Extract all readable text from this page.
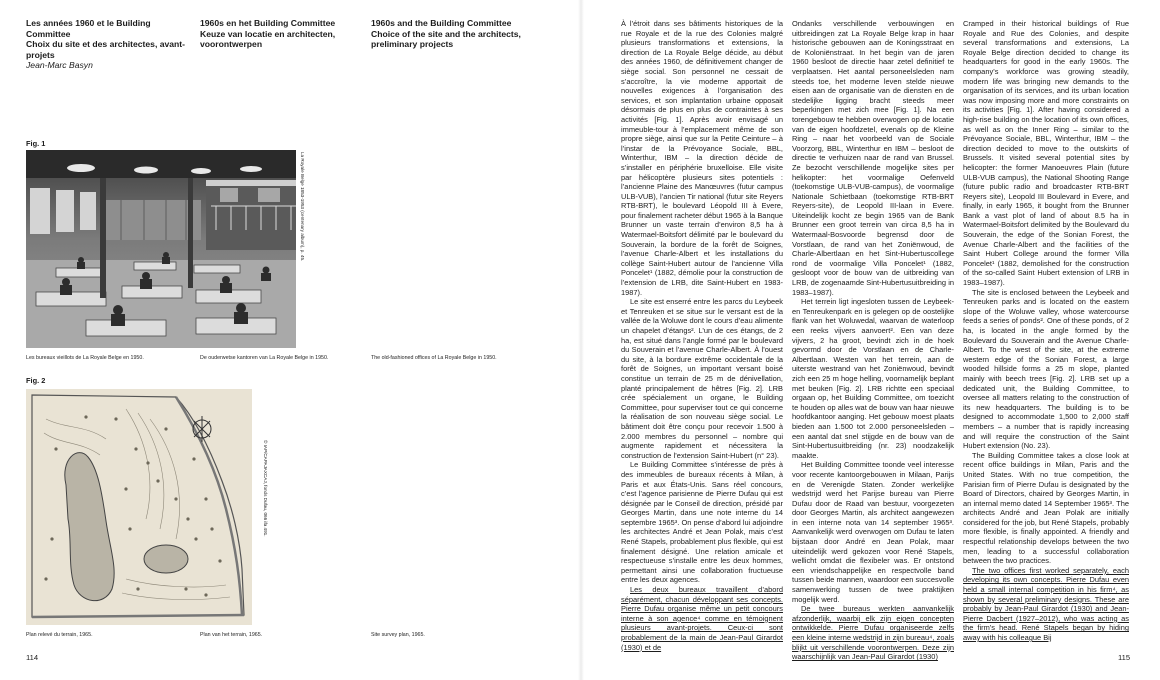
Les années 1960 et le Building Committee
Choix du site et des architectes, avant-projets
Jean-Marc Basyn
1960s en het Building Committee
Keuze van locatie en architecten, voorontwerpen
1960s and the Building Committee
Choice of the site and the architects, preliminary projects
Fig. 1
La Royale Belge 1853-1953 (centenary album), p. 45.
Les bureaux vieillots de La Royale Belge en 1950.	De ouderwetse kantoren van La Royale Belge in 1950.	The old-fashioned offices of La Royale Belge in 1950.
Fig. 2
© IAP/CAPAJAXCAJ, fonds Dufau, 066 ifa 491.
Plan relevé du terrain, 1965.	Plan van het terrain, 1965.	Site survey plan, 1965.
114

À l’étroit dans ses bâtiments historiques de la rue Royale et de la rue des Colonies malgré plusieurs transformations et extensions, la direction de La Royale Belge décide, au début des années 1960, de définitivement changer de siège social. Son personnel ne cessait de s’accroître, la vie moderne apportait de nouvelles exigences à l’organisation des services, et son implantation urbaine opposait désormais de plus en plus de contraintes à ses activités [Fig. 1]. Après avoir envisagé un immeuble-tour à l’emplacement même de son propre siège, ainsi que sur la Petite Ceinture – à l’instar de la Prévoyance Sociale, BBL, Winterthur, IBM – la direction décide de s’installer en périphérie bruxelloise. Elle visite par hélicoptère plusieurs sites potentiels : l’ancienne Plaine des Manœuvres (futur campus ULB-VUB), l’ancien Tir national (futur site Reyers RTB-BRT), le boulevard Léopold III à Evere, pour finalement racheter début 1965 à la Banque Brunner un vaste terrain d’environ 8,5 ha à Watermael-Boitsfort délimité par le boulevard du Souverain, la bordure de la forêt de Soignes, l’avenue Charle-Albert et les installations du collège Saint-Hubert autour de l’ancienne Villa Poncelet¹ (1882, démolie pour la construction de l’extension de LRB, dite Saint-Hubert en 1983-1987).

Le site est enserré entre les parcs du Leybeek et Tenreuken et se situe sur le versant est de la vallée de la Woluwe dont le cours d’eau alimente un chapelet d’étangs². L’un de ces étangs, de 2 ha, est situé dans l’angle formé par le boulevard du Souverain et l’avenue Charle-Albert. À l’ouest du site, à la bordure extrême occidentale de la forêt de Soignes, un important versant boisé constitue un terrain de 25 m de dénivellation, planté principalement de hêtres [Fig. 2]. LRB crée spécialement un organe, le Building Committee, pour superviser tout ce qui concerne la réalisation de son nouveau siège social. Le bâtiment doit être conçu pour recevoir 1.500 à 2.000 membres du personnel – nombre qui augmente rapidement et nécessitera la construction de l’extension Saint-Hubert (n° 23).

Le Building Committee s’intéresse de près à des immeubles de bureaux récents à Milan, à Paris et aux États-Unis. Sans réel concours, c’est l’agence parisienne de Pierre Dufau qui est désignée par le Conseil de direction, présidé par Georges Martin, dans une note interne du 14 septembre 1965³. On pense d’abord lui adjoindre les architectes André et Jean Polak, mais c’est René Stapels, probablement plus flexible, qui est finalement désigné. Une relation amicale et respectueuse s’installe entre les deux hommes, permettant ainsi une collaboration fructueuse entre les deux agences.

Les deux bureaux travaillent d’abord séparément, chacun développant ses concepts. Pierre Dufau organise même un petit concours interne à son agence⁴ comme en témoignent plusieurs avant-projets. Ceux-ci sont probablement de la main de Jean-Paul Girardot (1930) et de

Ondanks verschillende verbouwingen en uitbreidingen zat La Royale Belge krap in haar historische gebouwen aan de Koningsstraat en de Koloniënstraat. In het begin van de jaren 1960 besloot de directie haar zetel definitief te verplaatsen. Het aantal personeelsleden nam steeds toe, het moderne leven stelde nieuwe eisen aan de organisatie van de diensten en de stedelijke ligging bracht steeds meer beperkingen met zich mee [Fig. 1]. Na een torengebouw te hebben overwogen op de locatie van de eigen hoofdzetel, evenals op de Kleine Ring – naar het voorbeeld van de Sociale Voorzorg, BBL, Winterthur en IBM – besloot de directie te verhuizen naar de rand van Brussel. Ze bezocht verschillende mogelijke sites per helikopter: het voormalige Oefenveld (toekomstige ULB-VUB-campus), de voormalige Nationale Schietbaan (toekomstige RTB-BRT Reyers-site), de Leopold III-laan in Evere. Uiteindelijk kocht ze begin 1965 van de Bank Brunner een groot terrein van circa 8,5 ha in Watermaal-Bosvoorde begrensd door de Vorstlaan, de rand van het Zoniënwoud, de Charle-Albertlaan en het Sint-Hubertuscollege rond de voormalige Villa Poncelet¹ (1882, gesloopt voor de bouw van de uitbreiding van LRB, de zogenaamde Sint-Hubertusuitbreiding in 1983–1987).

Het terrein ligt ingesloten tussen de Leybeek- en Tenreukenpark en is gelegen op de oostelijke flank van het Woluwedal, waarvan de waterloop een reeks vijvers aanvoert². Een van deze vijvers, 2 ha groot, bevindt zich in de hoek gevormd door de Vorstlaan en de Charle-Albertlaan. Westen van het terrein, aan de uiterste westrand van het Zoniënwoud, bevindt zich een 25 m hoge helling, voornamelijk beplant met beuken [Fig. 2]. LRB richtte een speciaal orgaan op, het Building Committee, om toezicht te houden op alles wat de bouw van haar nieuwe hoofdkantoor aanging. Het gebouw moest plaats bieden aan 1.500 tot 2.000 personeelsleden – een aantal dat snel stijgde en de bouw van de Sint-Hubertusuitbreiding (nr. 23) noodzakelijk maakte.

Het Building Committee toonde veel interesse voor recente kantoorgebouwen in Milaan, Parijs en de Verenigde Staten. Zonder werkelijke wedstrijd werd het Parijse bureau van Pierre Dufau door de Raad van bestuur, voorgezeten door Georges Martin, als architect aangewezen in een interne nota van 14 september 1965³. Aanvankelijk werd overwogen om Dufau te laten bijstaan door André en Jean Polak, maar uiteindelijk werd gekozen voor René Stapels, wellicht omdat die flexibeler was. Er ontstond een vriendschappelijke en respectvolle band tussen beide mannen, waardoor een succesvolle samenwerking tussen de twee praktijken mogelijk werd.

De twee bureaus werkten aanvankelijk afzonderlijk, waarbij elk zijn eigen concepten ontwikkelde. Pierre Dufau organiseerde zelfs een kleine interne wedstrijd in zijn bureau⁴, zoals blijkt uit verschillende voorontwerpen. Deze zijn waarschijnlijk van Jean-Paul Girardot (1930)

Cramped in their historical buildings of Rue Royale and Rue des Colonies, and despite several transformations and extensions, La Royale Belge direction decided to change its headquarters for good in the early 1960s. The company’s workforce was growing steadily, modern life was bringing new demands to the organisation of its services, and its urban location was now imposing more and more constraints on its activities [Fig. 1]. After having considered a high-rise building on the location of its own offices, as well as on the Inner Ring – similar to the Prévoyance Sociale, BBL, Winterthur, IBM – the direction decided to move to the outskirts of Brussels. It visited several potential sites by helicopter: the former Manoeuvres Plain (future ULB-VUB campus), the National Shooting Range (future public radio and broadcaster RTB-BRT Reyers site), Leopold III Boulevard in Evere, and finally, in early 1965, it bought from the Brunner Bank a vast plot of land of about 8.5 ha in Watermael-Boitsfort delimited by the Boulevard du Souverain, the edge of the Sonian Forest, the Avenue Charle-Albert and the facilities of the Saint Hubert College around the former Villa Poncelet¹ (1882, demolished for the construction of the so-called Saint Hubert extension of LRB in 1983–1987).

The site is enclosed between the Leybeek and Tenreuken parks and is located on the eastern slope of the Woluwe valley, whose watercourse feeds a series of ponds². One of these ponds, of 2 ha, is located in the angle formed by the Boulevard du Souverain and the Avenue Charle-Albert. To the west of the site, at the extreme western edge of the Sonian Forest, a large wooded hillside forms a 25 m slope, planted mainly with beech trees [Fig. 2]. LRB set up a dedicated unit, the Building Committee, to oversee all matters relating to the construction of its new headquarters. The building is to be designed to accommodate 1,500 to 2,000 staff members – a number that is rapidly increasing and will require the construction of the Saint Hubert extension (No. 23).

The Building Committee takes a close look at recent office buildings in Milan, Paris and the United States. With no true competition, the Parisian firm of Pierre Dufau is designated by the Board of Directors, chaired by Georges Martin, in an internal memo dated 14 September 1965³. The architects André and Jean Polak are initially considered for the job, but René Stapels, probably more flexible, is finally appointed. A friendly and respectful relationship develops between the two men, leading to a successful collaboration between the two practices.

The two offices first worked separately, each developing its own concepts. Pierre Dufau even held a small internal competition in his firm⁴, as shown by several preliminary designs. These are probably by Jean-Paul Girardot (1930) and Jean-Pierre Dacbert (1927–2012), who was acting as the firm’s head. René Stapels began by hiding away with his colleague Bij

115
